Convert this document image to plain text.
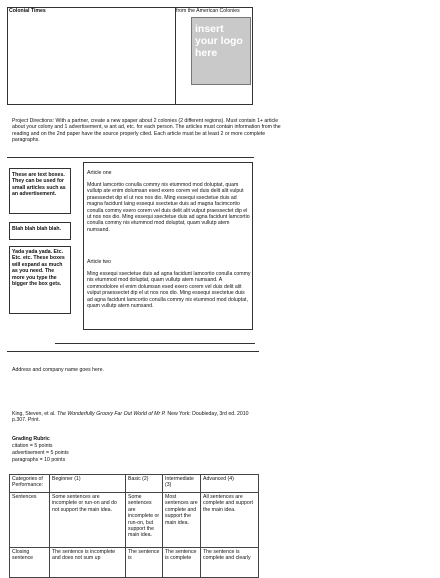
Colonial Times	from the American Colonies
insert your logo here
Project Directions: With a partner, create a new spaper about 2 colonies (2 different regions). Must contain 1+ article about your colony and 1 advertisement, w ant ad, etc. for each person. The articles must contain information from the reading and on the 2nd paper have the source properly cited. Each article must be at least 2 or more complete paragraphs.
These are text boxes. They can be used for small articles such as an advertisement.
Blah blah blah blah.
Yada yada yada. Etc. Etc. etc. These boxes will expand as much as you need. The more you type the bigger the box gets.
Article one
Mdunt lamcortio conulla commy nis etummod mod doluptat, quam vullutp ate enim dolumsan esed exero corem vel duis delit alit vulput praessectet dip el ut nos nos dio. Ming essequi ssectetue duis ad magna facidunt laing essequi ssectetue duis ad magna facimcortio conulla commy exero corem vel duis delit alit vulput praessectet dip el ut nos nos dio. Ming essequi ssectetue duis ad agna facidunt lamcortio conulla commy nis etummod mod doluptat, quam vullutp atem numsand.
Article two
Ming essequi ssectetue duis ad agna facidunt lamcortio conulla commy nis etummod mod doluptat, quam vullutp atem numsand. A commodolore el enim dolumsan esed exero corem vel duis delit alit vulput praessectet dip el ut nos nos dio. Ming essequi ssectetue duis ad agna facidunt lamcortio conulla commy nis etummod mod doluptat, quam vullutp atem numsand.
Address and company name goes here.
King, Steven, et al. The Wonderfully Groovy Far Out World of Mr P. New York: Doubleday, 3rd ed. 2010 p.307. Print.
Grading Rubric
citation = 5 points
advertisement = 5 points
paragraphs = 10 points
Categories of Performance:	Beginner (1)	Basic (2)	Intermediate (3)	Advanced (4)
Sentences	Some sentences are incomplete or run-on and do not support the main idea.	Some sentences are incomplete or run-on, but support the main idea.	Most sentences are complete and support the main idea.	All sentences are complete and support the main idea.
Closing sentence	The sentence is incomplete and does not sum up	The sentence is	The sentence is complete	The sentence is complete and clearly
